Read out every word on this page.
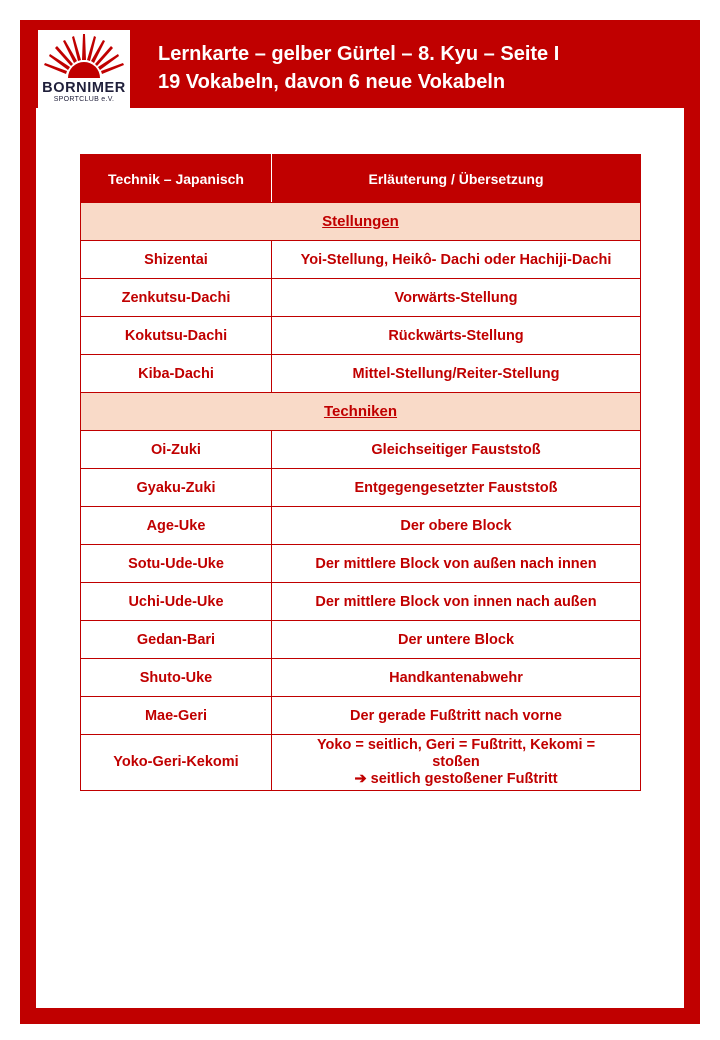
BORNIMER
SPORTCLUB e.V.
Lernkarte – gelber Gürtel – 8. Kyu – Seite I
19 Vokabeln, davon 6 neue Vokabeln
Technik – Japanisch	Erläuterung / Übersetzung
Stellungen	
Shizentai	Yoi-Stellung, Heikô- Dachi oder Hachiji-Dachi
Zenkutsu-Dachi	Vorwärts-Stellung
Kokutsu-Dachi	Rückwärts-Stellung
Kiba-Dachi	Mittel-Stellung/Reiter-Stellung
Techniken	
Oi-Zuki	Gleichseitiger Fauststoß
Gyaku-Zuki	Entgegengesetzter Fauststoß
Age-Uke	Der obere Block
Sotu-Ude-Uke	Der mittlere Block von außen nach innen
Uchi-Ude-Uke	Der mittlere Block von innen nach außen
Gedan-Bari	Der untere Block
Shuto-Uke	Handkantenabwehr
Mae-Geri	Der gerade Fußtritt nach vorne
Yoko-Geri-Kekomi	Yoko = seitlich, Geri = Fußtritt, Kekomi =
stoßen
➔ seitlich gestoßener Fußtritt
